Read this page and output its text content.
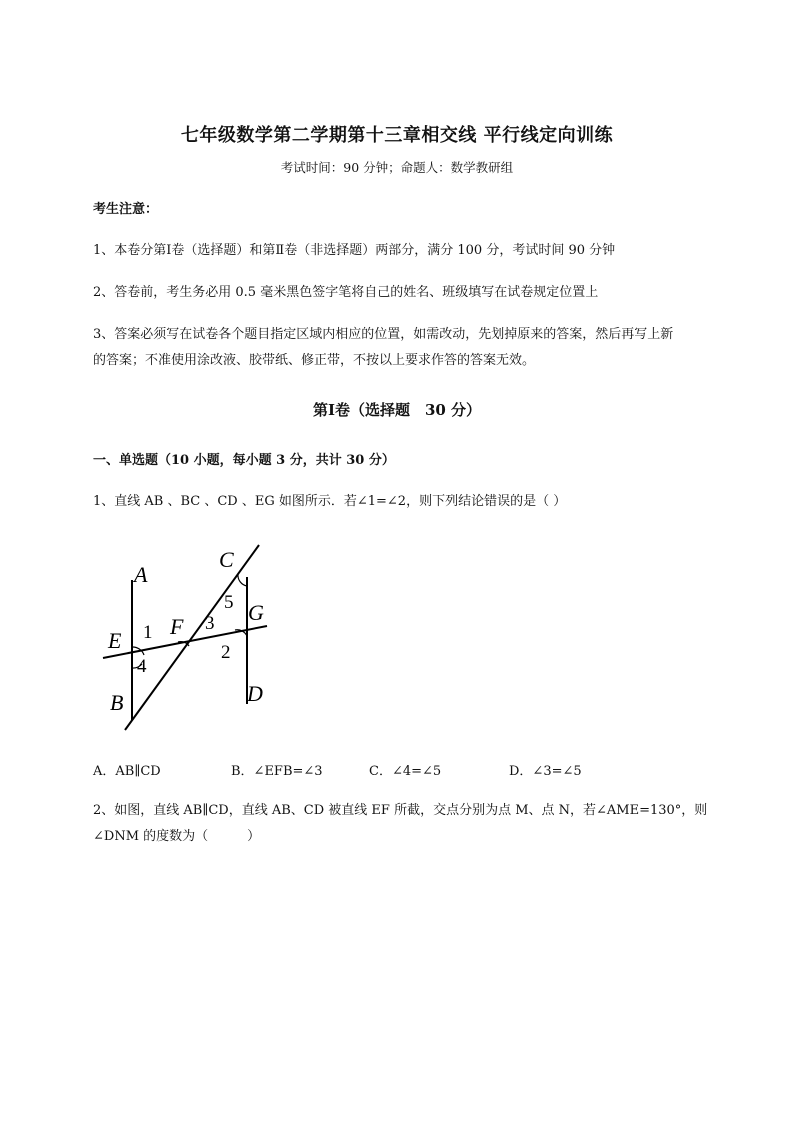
七年级数学第二学期第十三章相交线 平行线定向训练
考试时间：90 分钟；命题人：数学教研组
考生注意：
1、本卷分第Ⅰ卷（选择题）和第Ⅱ卷（非选择题）两部分，满分 100 分，考试时间 90 分钟
2、答卷前，考生务必用 0.5 毫米黑色签字笔将自己的姓名、班级填写在试卷规定位置上
3、答案必须写在试卷各个题目指定区域内相应的位置，如需改动，先划掉原来的答案，然后再写上新
的答案；不准使用涂改液、胶带纸、修正带，不按以上要求作答的答案无效。
第Ⅰ卷（选择题　30 分）
一、单选题（10 小题，每小题 3 分，共计 30 分）
1、直线 AB 、BC 、CD 、EG 如图所示．若∠1=∠2，则下列结论错误的是（ ）
A
B
C
D
E
F
G
1
2
3
4
5
A．AB∥CD	B．∠EFB=∠3	C．∠4=∠5	D．∠3=∠5
2、如图，直线 AB∥CD，直线 AB、CD 被直线 EF 所截，交点分别为点 M、点 N，若∠AME=130°，则
∠DNM 的度数为（　　　）
